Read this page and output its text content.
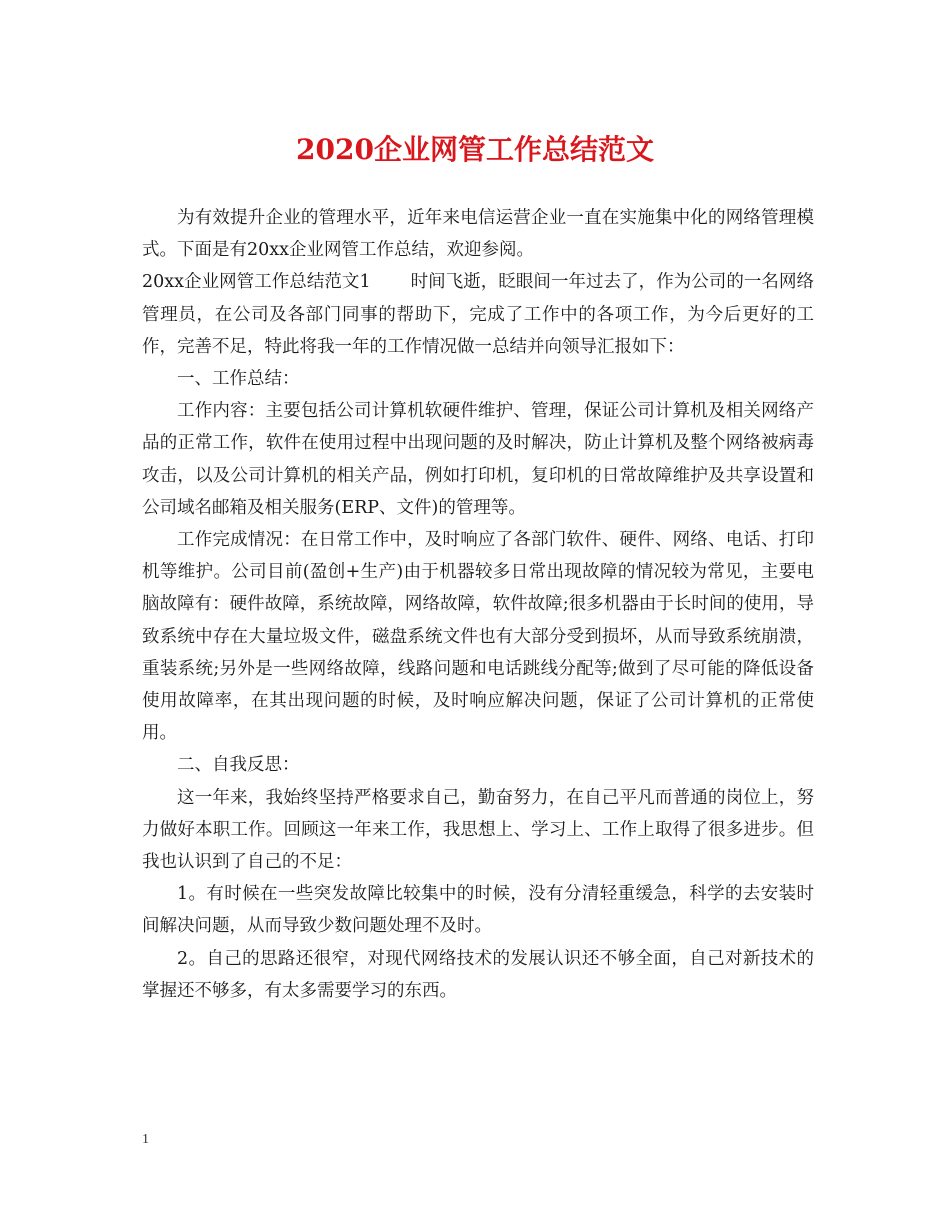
2020企业网管工作总结范文

为有效提升企业的管理水平，近年来电信运营企业一直在实施集中化的网络管理模式。下面是有20xx企业网管工作总结，欢迎参阅。

20xx企业网管工作总结范文1 时间飞逝，眨眼间一年过去了，作为公司的一名网络管理员，在公司及各部门同事的帮助下，完成了工作中的各项工作，为今后更好的工作，完善不足，特此将我一年的工作情况做一总结并向领导汇报如下：

一、工作总结：

工作内容：主要包括公司计算机软硬件维护、管理，保证公司计算机及相关网络产品的正常工作，软件在使用过程中出现问题的及时解决，防止计算机及整个网络被病毒攻击，以及公司计算机的相关产品，例如打印机，复印机的日常故障维护及共享设置和公司域名邮箱及相关服务(ERP、文件)的管理等。

工作完成情况：在日常工作中，及时响应了各部门软件、硬件、网络、电话、打印机等维护。公司目前(盈创+生产)由于机器较多日常出现故障的情况较为常见，主要电脑故障有：硬件故障，系统故障，网络故障，软件故障;很多机器由于长时间的使用，导致系统中存在大量垃圾文件，磁盘系统文件也有大部分受到损坏，从而导致系统崩溃，重装系统;另外是一些网络故障，线路问题和电话跳线分配等;做到了尽可能的降低设备使用故障率，在其出现问题的时候，及时响应解决问题，保证了公司计算机的正常使用。

二、自我反思：

这一年来，我始终坚持严格要求自己，勤奋努力，在自己平凡而普通的岗位上，努力做好本职工作。回顾这一年来工作，我思想上、学习上、工作上取得了很多进步。但我也认识到了自己的不足：

1。有时候在一些突发故障比较集中的时候，没有分清轻重缓急，科学的去安装时间解决问题，从而导致少数问题处理不及时。

2。自己的思路还很窄，对现代网络技术的发展认识还不够全面，自己对新技术的掌握还不够多，有太多需要学习的东西。

1
